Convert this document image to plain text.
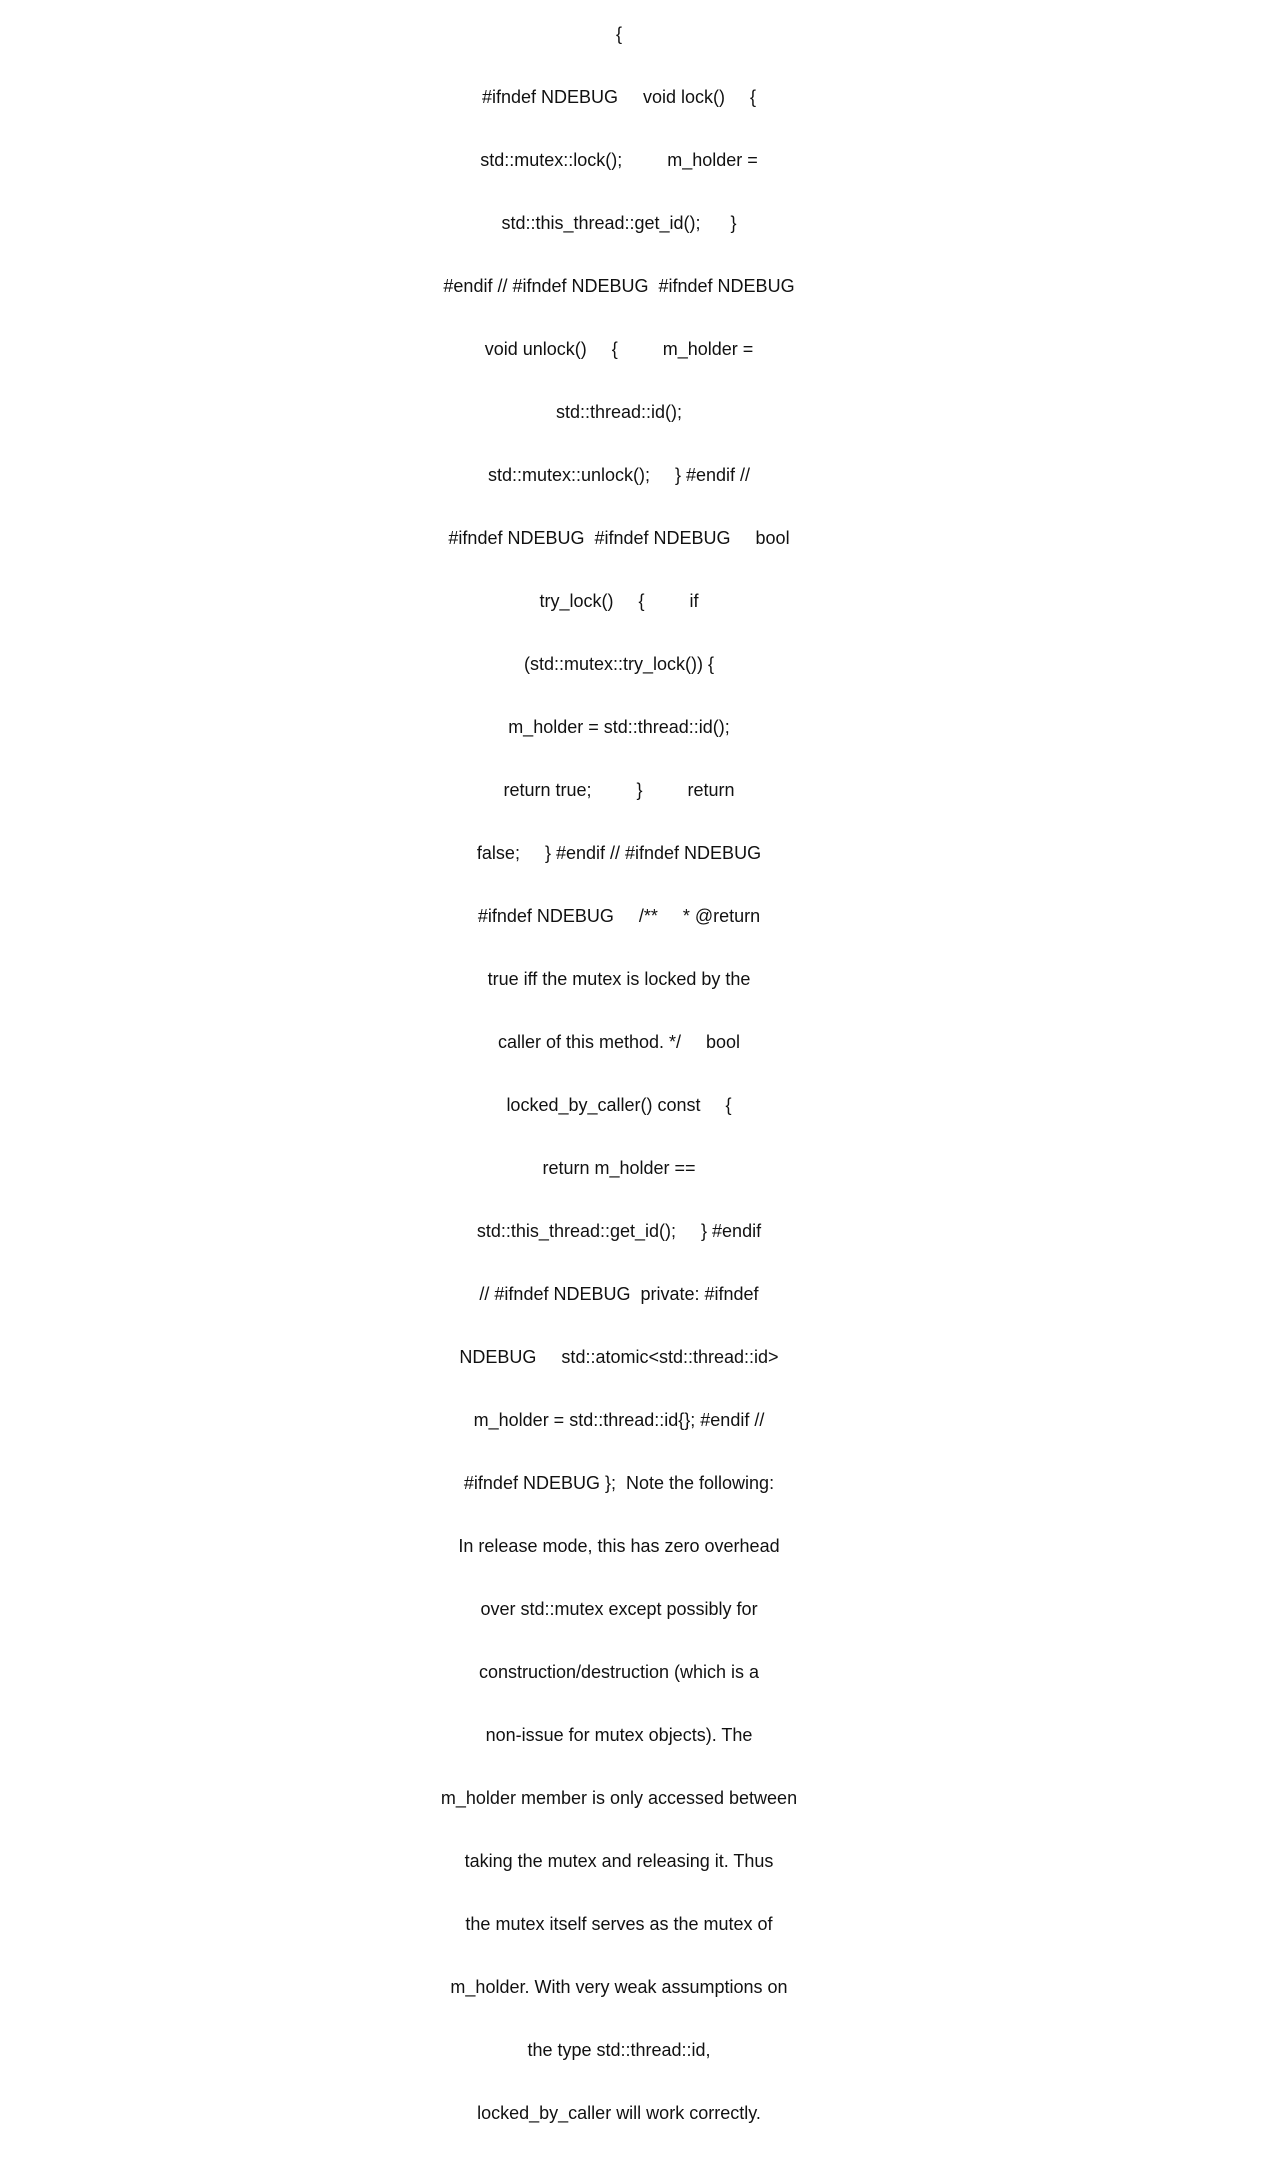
{

#ifndef NDEBUG     void lock()     {

std::mutex::lock();         m_holder =

std::this_thread::get_id();      }

#endif // #ifndef NDEBUG  #ifndef NDEBUG

void unlock()     {         m_holder =

std::thread::id();

std::mutex::unlock();     } #endif //

#ifndef NDEBUG  #ifndef NDEBUG     bool

try_lock()     {         if

(std::mutex::try_lock()) {

m_holder = std::thread::id();

return true;         }         return

false;     } #endif // #ifndef NDEBUG

#ifndef NDEBUG     /**     * @return

true iff the mutex is locked by the

caller of this method. */     bool

locked_by_caller() const     {

return m_holder ==

std::this_thread::get_id();     } #endif

// #ifndef NDEBUG  private: #ifndef

NDEBUG     std::atomic<std::thread::id>

m_holder = std::thread::id{}; #endif //

#ifndef NDEBUG };  Note the following:

In release mode, this has zero overhead

over std::mutex except possibly for

construction/destruction (which is a

non-issue for mutex objects). The

m_holder member is only accessed between

taking the mutex and releasing it. Thus

the mutex itself serves as the mutex of

m_holder. With very weak assumptions on

the type std::thread::id,

locked_by_caller will work correctly.
